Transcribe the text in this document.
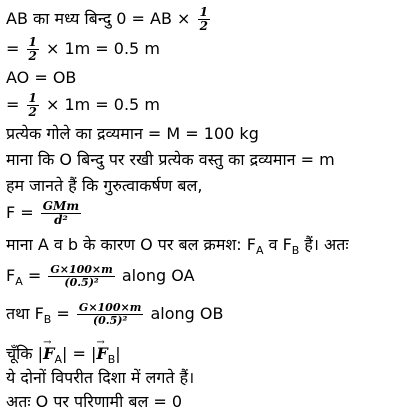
AB का मध्य बिन्दु 0 = AB × $\frac{1}{2}$
= $\frac{1}{2} \times 1m = 0.5$ m
AO = OB
= $\frac{1}{2} \times 1m = 0.5$ m
प्रत्येक गोले का द्रव्यमान = M = 100 kg
माना कि O बिन्दु पर रखी प्रत्येक वस्तु का द्रव्यमान = m
हम जानते हैं कि गुरुत्वाकर्षण बल,
$F = \frac{\text{GMm}}{\text{d²}}$
माना A व b के कारण O पर बल क्रमश: $F_A$ व $F_B$ हैं। अतः
$F_A = \frac{G\times 100\times m}{\text{(0.5)²}}$ along OA
तथा $F_B = \frac{G\times 100\times m}{\text{(0.5)²}}$ along OB
चूँकि |→ $F_A|$ = |→ $F_B|$
ये दोनों विपरीत दिशा में लगते हैं।
अतः O पर परिणामी बल = 0
